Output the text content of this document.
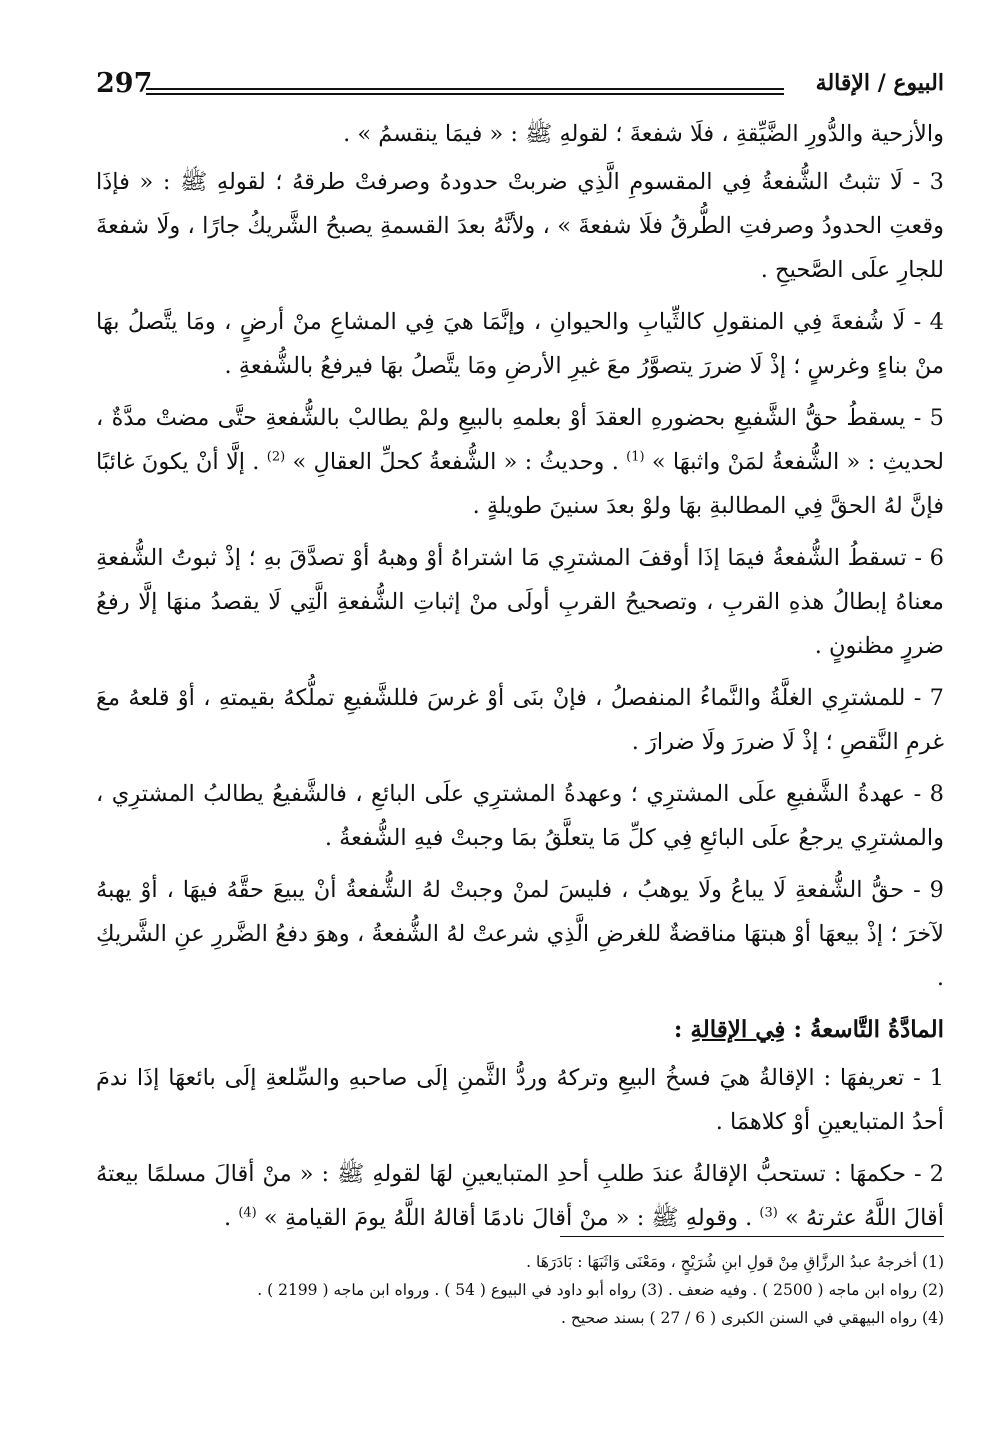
297	البيوع / الإقالة

والأزحية والدُّورِ الضَّيِّقةِ ، فلَا شفعةَ ؛ لقولهِ ﷺ : « فيمَا ينقسمُ » .

3 - لَا تثبتُ الشُّفعةُ فِي المقسومِ الَّذِي ضربتْ حدودهُ وصرفتْ طرقهُ ؛ لقولهِ ﷺ : « فإذَا وقعتِ الحدودُ وصرفتِ الطُّرقُ فلَا شفعةَ » ، ولأنَّهُ بعدَ القسمةِ يصبحُ الشَّريكُ جارًا ، ولَا شفعةَ للجارِ علَى الصَّحيحِ .

4 - لَا شُفعةَ فِي المنقولِ كالثِّيابِ والحيوانِ ، وإنَّمَا هيَ فِي المشاعِ منْ أرضٍ ، ومَا يتَّصلُ بهَا منْ بناءٍ وغرسٍ ؛ إذْ لَا ضررَ يتصوَّرُ معَ غيرِ الأرضِ ومَا يتَّصلُ بهَا فيرفعُ بالشُّفعةِ .

5 - يسقطُ حقُّ الشَّفيعِ بحضورهِ العقدَ أوْ بعلمهِ بالبيعِ ولمْ يطالبْ بالشُّفعةِ حتَّى مضتْ مدَّةٌ ، لحديثِ : « الشُّفعةُ لمَنْ واثبهَا » $^{(1)}$ . وحديثُ : « الشُّفعةُ كحلِّ العقالِ » $^{(2)}$ . إلَّا أنْ يكونَ غائبًا فإنَّ لهُ الحقَّ فِي المطالبةِ بهَا ولوْ بعدَ سنينَ طويلةٍ .

6 - تسقطُ الشُّفعةُ فيمَا إذَا أوقفَ المشترِي مَا اشتراهُ أوْ وهبهُ أوْ تصدَّقَ بهِ ؛ إذْ ثبوتُ الشُّفعةِ معناهُ إبطالُ هذهِ القربِ ، وتصحيحُ القربِ أولَى منْ إثباتِ الشُّفعةِ الَّتِي لَا يقصدُ منهَا إلَّا رفعُ ضررٍ مظنونٍ .

7 - للمشترِي الغلَّةُ والنَّماءُ المنفصلُ ، فإنْ بنَى أوْ غرسَ فللشَّفيعِ تملُّكهُ بقيمتهِ ، أوْ قلعهُ معَ غرمِ النَّقصِ ؛ إذْ لَا ضررَ ولَا ضرارَ .

8 - عهدةُ الشَّفيعِ علَى المشترِي ؛ وعهدةُ المشترِي علَى البائعِ ، فالشَّفيعُ يطالبُ المشترِي ، والمشترِي يرجعُ علَى البائعِ فِي كلِّ مَا يتعلَّقُ بمَا وجبتْ فيهِ الشُّفعةُ .

9 - حقُّ الشُّفعةِ لَا يباعُ ولَا يوهبُ ، فليسَ لمنْ وجبتْ لهُ الشُّفعةُ أنْ يبيعَ حقَّهُ فيهَا ، أوْ يهبهُ لآخرَ ؛ إذْ بيعهَا أوْ هبتهَا مناقضةٌ للغرضِ الَّذِي شرعتْ لهُ الشُّفعةُ ، وهوَ دفعُ الضَّررِ عنِ الشَّريكِ .

المادَّةُ التَّاسعةُ : فِي الإقالةِ :

1 - تعريفهَا : الإقالةُ هيَ فسخُ البيعِ وتركهُ وردُّ الثَّمنِ إلَى صاحبهِ والسِّلعةِ إلَى بائعهَا إذَا ندمَ أحدُ المتبايعينِ أوْ كلاهمَا .

2 - حكمهَا : تستحبُّ الإقالةُ عندَ طلبِ أحدِ المتبايعينِ لهَا لقولهِ ﷺ : « منْ أقالَ مسلمًا بيعتهُ أقالَ اللَّهُ عثرتهُ » $^{(3)}$ . وقولهِ ﷺ : « منْ أقالَ نادمًا أقالهُ اللَّهُ يومَ القيامةِ » $^{(4)}$ .

(1) أخرجهُ عبدُ الرزَّاقِ مِنْ قولِ ابنِ شُرَيْحٍ ، ومَعْنَى وَاثَبَهَا : بَادَرَهَا .
(2) رواه ابن ماجه ( 2500 ) . وفيه ضعف . (3) رواه أبو داود في البيوع ( 54 ) . ورواه ابن ماجه ( 2199 ) .
(4) رواه البيهقي في السنن الكبرى ( 6 / 27 ) بسند صحيح .
